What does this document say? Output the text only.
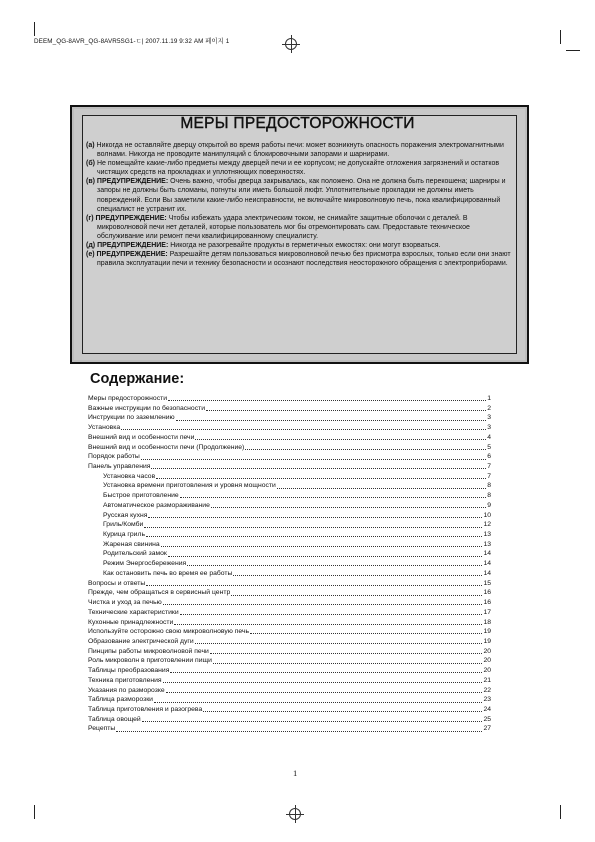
DEEM_QG-8AVR_QG-8AVR5SG1-ㄷ| 2007.11.19 9:32 AM 페이지 1
МЕРЫ ПРЕДОСТОРОЖНОСТИ

(a) Никогда не оставляйте дверцу открытой во время работы печи: может возникнуть опасность поражения электромагнитными волнами. Никогда не проводите манипуляций с блокировочными запорами и шарнирами.

(б) Не помещайте какие-либо предметы между дверцей печи и ее корпусом; не допускайте отложения загрязнений и остатков чистящих средств на прокладках и уплотняющих поверхностях.

(в) ПРЕДУПРЕЖДЕНИЕ: Очень важно, чтобы дверца закрывалась, как положено. Она не должна быть перекошена; шарниры и запоры не должны быть сломаны, погнуты или иметь большой люфт. Уплотнительные прокладки не должны иметь повреждений. Если Вы заметили какие-либо неисправности, не включайте микроволновую печь, пока квалифицированный специалист не устранит их.

(г) ПРЕДУПРЕЖДЕНИЕ: Чтобы избежать удара электрическим током, не снимайте защитные оболочки с деталей. В микроволновой печи нет деталей, которые пользователь мог бы отремонтировать сам. Предоставьте техническое обслуживание или ремонт печи квалифицированному специалисту.

(д) ПРЕДУПРЕЖДЕНИЕ: Никогда не разогревайте продукты в герметичных емкостях: они могут взорваться.

(е) ПРЕДУПРЕЖДЕНИЕ: Разрешайте детям пользоваться микроволновой печью без присмотра взрослых, только если они знают правила эксплуатации печи и технику безопасности и осознают последствия неосторожного обращения с электроприборами.

Содержание:
Меры предосторожности	1
Важные инструкции по безопасности	2
Инструкции по заземлению	3
Установка	3
Внешний вид и особенности печи	4
Внешний вид и особенности печи (Продолжение)	5
Порядок работы	6
Панель управления	7
Установка часов	7
Установка времени приготовления и уровня мощности	8
Быстрое приготовление	8
Автоматическое размораживание	9
Русская кухня	10
Гриль/Комби	12
Курица гриль	13
Жареная свинина	13
Родительский замок	14
Режим Энергосбережения	14
Как остановить печь во время ее работы	14
Вопросы и ответы	15
Прежде, чем обращаться в сервисный центр	16
Чистка и уход за печью	16
Технические характеристики	17
Кухонные принадлежности	18
Используйте осторожно свою микроволновую печь	19
Образование электрической дуги	19
Пинципы работы микроволновой печи	20
Роль микроволн в приготовлении пищи	20
Таблицы преобразования	20
Техника приготовления	21
Указания по разморозке	22
Таблица разморозки	23
Таблица приготовления и разогрева	24
Таблица овощей	25
Рецепты	27
1
